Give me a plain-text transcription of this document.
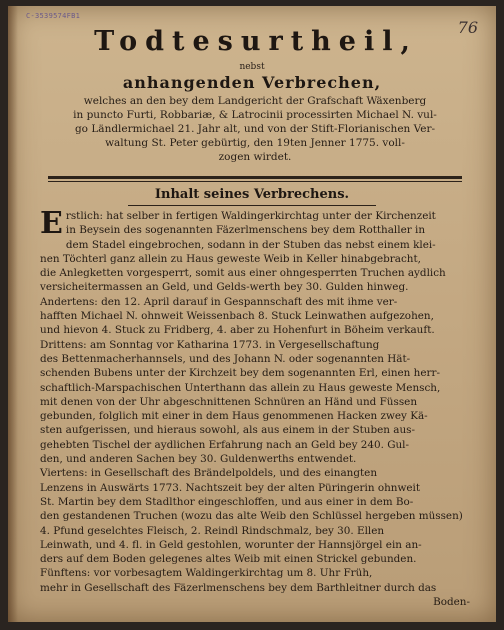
C-3539574FB1
76
Todtesurtheil,
nebst
anhangenden Verbrechen,
welches an den bey dem Landgericht der Grafschaft Wäxenberg
in puncto Furti, Robbariæ, & Latrocinii processirten Michael N. vul-
go Ländlermichael 21. Jahr alt, und von der Stift-Florianischen Ver-
waltung St. Peter gebürtig, den 19ten Jenner 1775. voll-
zogen wirdet.
Inhalt seines Verbrechens.
E rstlich: hat selber in fertigen Waldingerkirchtag unter der Kirchenzeit
in Beysein des sogenannten Fäzerlmenschens bey dem Rotthaller in
dem Stadel eingebrochen, sodann in der Stuben das nebst einem klei-
nen Töchterl ganz allein zu Haus geweste Weib in Keller hinabgebracht,
die Anlegketten vorgesperrt, somit aus einer ohngesperrten Truchen aydlich
versicheitermassen an Geld, und Gelds-werth bey 30. Gulden hinweg.
Andertens: den 12. April darauf in Gespannschaft des mit ihme ver-
hafften Michael N. ohnweit Weissenbach 8. Stuck Leinwathen aufgezohen,
und hievon 4. Stuck zu Fridberg, 4. aber zu Hohenfurt in Böheim verkauft.
Drittens: am Sonntag vor Katharina 1773. in Vergesellschaftung
des Bettenmacherhannsels, und des Johann N. oder sogenannten Hät-
schenden Bubens unter der Kirchzeit bey dem sogenannten Erl, einen herr-
schaftlich-Marspachischen Unterthann das allein zu Haus geweste Mensch,
mit denen von der Uhr abgeschnittenen Schnüren an Händ und Füssen
gebunden, folglich mit einer in dem Haus genommenen Hacken zwey Kä-
sten aufgerissen, und hieraus sowohl, als aus einem in der Stuben aus-
gehebten Tischel der aydlichen Erfahrung nach an Geld bey 240. Gul-
den, und anderen Sachen bey 30. Guldenwerths entwendet.
Viertens: in Gesellschaft des Brändelpoldels, und des einangten
Lenzens in Auswärts 1773. Nachtszeit bey der alten Püringerin ohnweit
St. Martin bey dem Stadlthor eingeschloffen, und aus einer in dem Bo-
den gestandenen Truchen (wozu das alte Weib den Schlüssel hergeben müssen)
4. Pfund geselchtes Fleisch, 2. Reindl Rindschmalz, bey 30. Ellen
Leinwath, und 4. fl. in Geld gestohlen, worunter der Hannsjörgel ein an-
ders auf dem Boden gelegenes altes Weib mit einen Strickel gebunden.
Fünftens: vor vorbesagtem Waldingerkirchtag um 8. Uhr Früh,
mehr in Gesellschaft des Fäzerlmenschens bey dem Barthleitner durch das
Boden-
